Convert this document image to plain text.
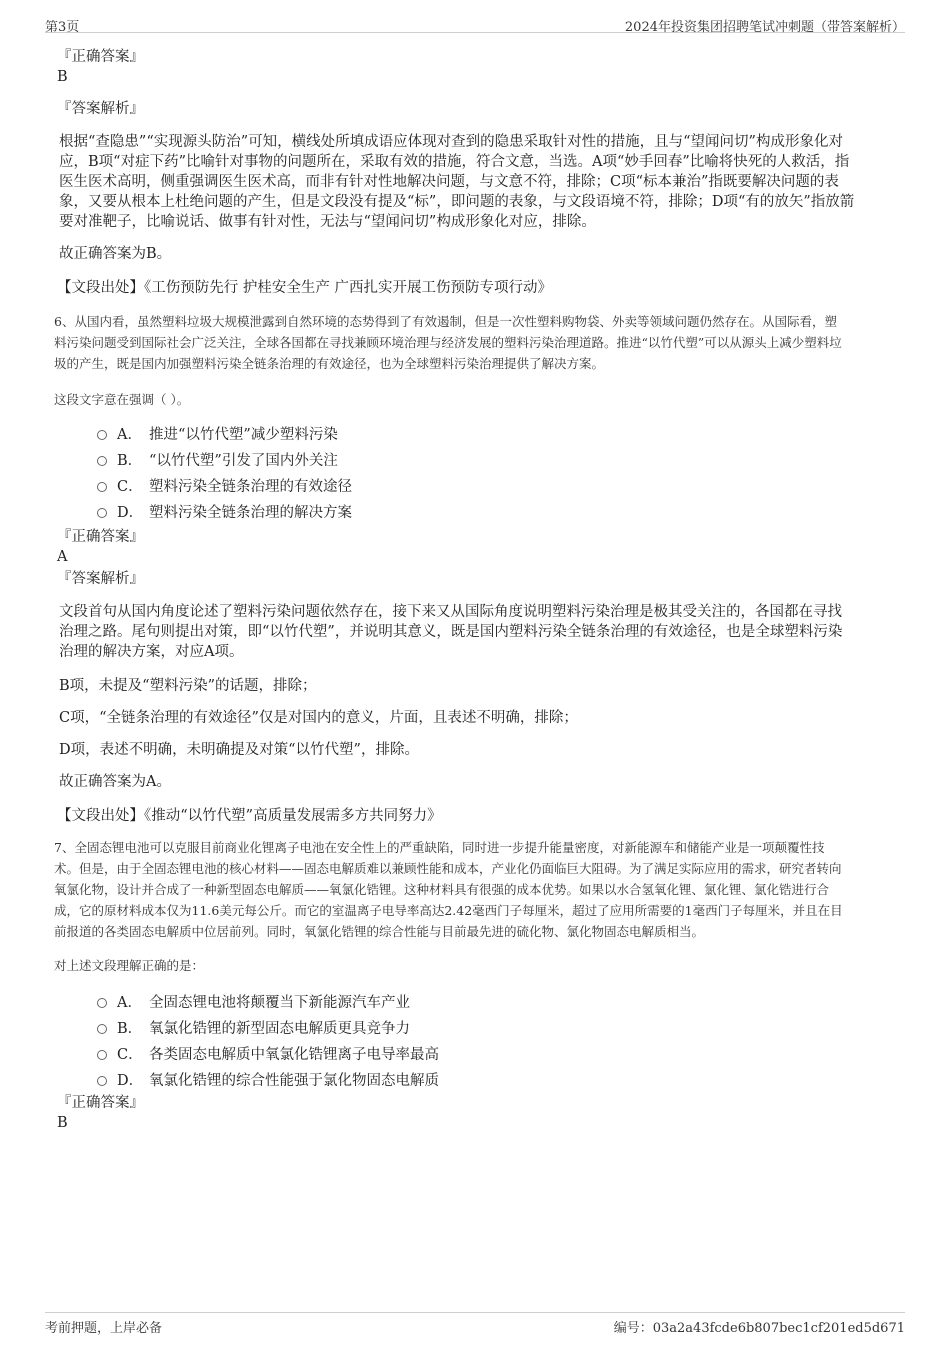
第3页	2024年投资集团招聘笔试冲刺题（带答案解析）

『正确答案』

B

『答案解析』

根据“查隐患”“实现源头防治”可知，横线处所填成语应体现对查到的隐患采取针对性的措施，且与“望闻问切”构成形象化对

应，B项“对症下药”比喻针对事物的问题所在，采取有效的措施，符合文意，当选。A项“妙手回春”比喻将快死的人救活，指

医生医术高明，侧重强调医生医术高，而非有针对性地解决问题，与文意不符，排除；C项“标本兼治”指既要解决问题的表

象，又要从根本上杜绝问题的产生，但是文段没有提及“标”，即问题的表象，与文段语境不符，排除；D项“有的放矢”指放箭

要对准靶子，比喻说话、做事有针对性，无法与“望闻问切”构成形象化对应，排除。

故正确答案为B。

【文段出处】《工伤预防先行 护桂安全生产 广西扎实开展工伤预防专项行动》

6、从国内看，虽然塑料垃圾大规模泄露到自然环境的态势得到了有效遏制，但是一次性塑料购物袋、外卖等领域问题仍然存在。从国际看，塑

料污染问题受到国际社会广泛关注，全球各国都在寻找兼顾环境治理与经济发展的塑料污染治理道路。推进“以竹代塑”可以从源头上减少塑料垃

圾的产生，既是国内加强塑料污染全链条治理的有效途径，也为全球塑料污染治理提供了解决方案。

这段文字意在强调（ ）。

A． 推进“以竹代塑”减少塑料污染
B． “以竹代塑”引发了国内外关注
C． 塑料污染全链条治理的有效途径
D． 塑料污染全链条治理的解决方案

『正确答案』

A

『答案解析』

文段首句从国内角度论述了塑料污染问题依然存在，接下来又从国际角度说明塑料污染治理是极其受关注的，各国都在寻找

治理之路。尾句则提出对策，即“以竹代塑”，并说明其意义，既是国内塑料污染全链条治理的有效途径，也是全球塑料污染

治理的解决方案，对应A项。

B项，未提及“塑料污染”的话题，排除；

C项，“全链条治理的有效途径”仅是对国内的意义，片面，且表述不明确，排除；

D项，表述不明确，未明确提及对策“以竹代塑”，排除。

故正确答案为A。

【文段出处】《推动“以竹代塑”高质量发展需多方共同努力》

7、全固态锂电池可以克服目前商业化锂离子电池在安全性上的严重缺陷，同时进一步提升能量密度，对新能源车和储能产业是一项颠覆性技

术。但是，由于全固态锂电池的核心材料——固态电解质难以兼顾性能和成本，产业化仍面临巨大阻碍。为了满足实际应用的需求，研究者转向

氧氯化物，设计并合成了一种新型固态电解质——氧氯化锆锂。这种材料具有很强的成本优势。如果以水合氢氧化锂、氯化锂、氯化锆进行合

成，它的原材料成本仅为11.6美元每公斤。而它的室温离子电导率高达2.42毫西门子每厘米，超过了应用所需要的1毫西门子每厘米，并且在目

前报道的各类固态电解质中位居前列。同时，氧氯化锆锂的综合性能与目前最先进的硫化物、氯化物固态电解质相当。

对上述文段理解正确的是：

A． 全固态锂电池将颠覆当下新能源汽车产业
B． 氧氯化锆锂的新型固态电解质更具竞争力
C． 各类固态电解质中氧氯化锆锂离子电导率最高
D． 氧氯化锆锂的综合性能强于氯化物固态电解质

『正确答案』

B

考前押题，上岸必备	编号：03a2a43fcde6b807bec1cf201ed5d671
